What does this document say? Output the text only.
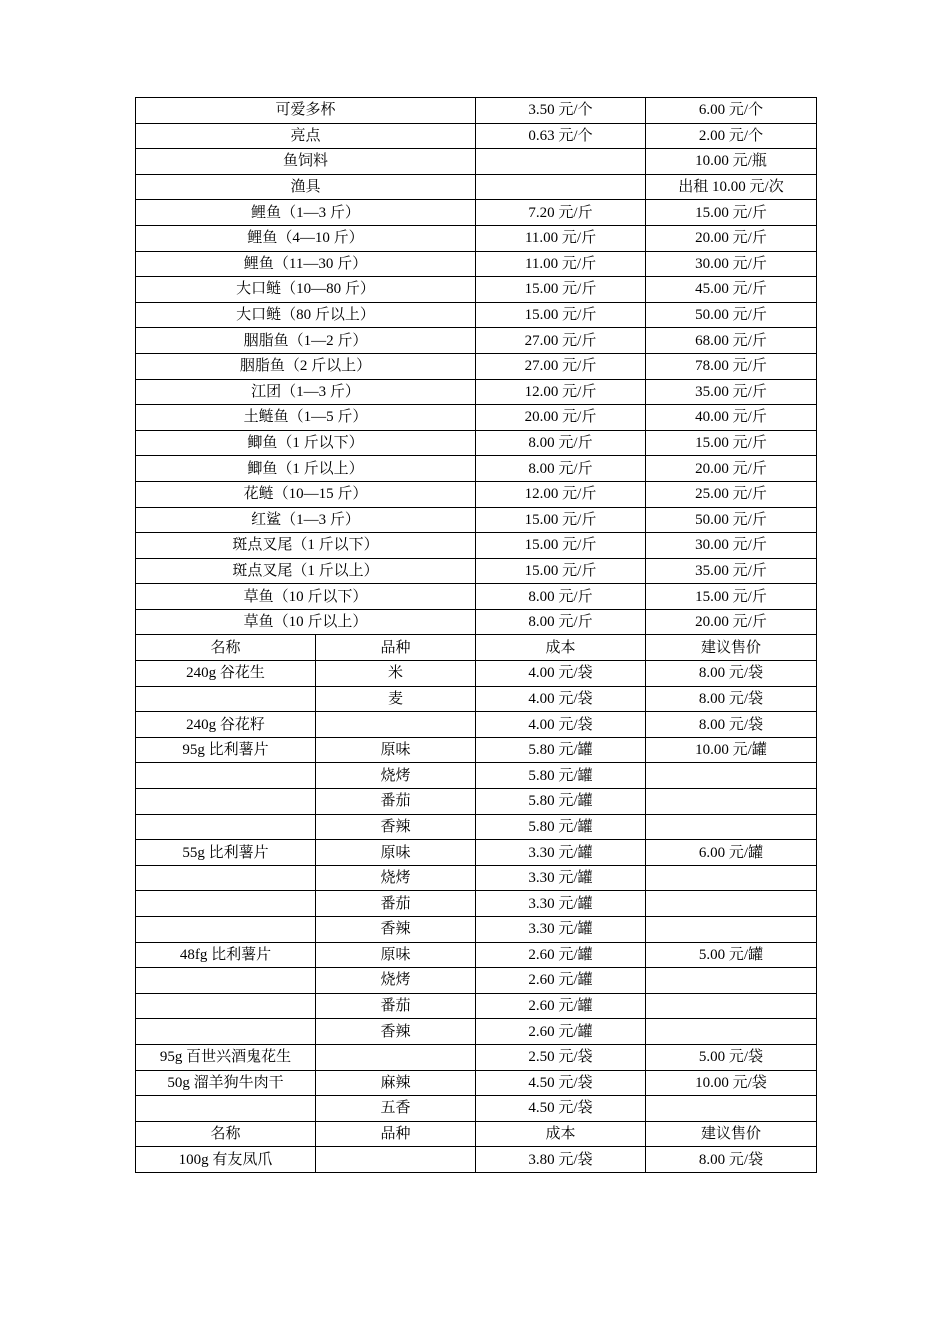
可爱多杯		3.50 元/个	6.00 元/个
亮点		0.63 元/个	2.00 元/个
鱼饲料			10.00 元/瓶
渔具			出租 10.00 元/次
鲤鱼（1—3 斤）		7.20 元/斤	15.00 元/斤
鲤鱼（4—10 斤）		11.00 元/斤	20.00 元/斤
鲤鱼（11—30 斤）		11.00 元/斤	30.00 元/斤
大口鲢（10—80 斤）		15.00 元/斤	45.00 元/斤
大口鲢（80 斤以上）		15.00 元/斤	50.00 元/斤
胭脂鱼（1—2 斤）		27.00 元/斤	68.00 元/斤
胭脂鱼（2 斤以上）		27.00 元/斤	78.00 元/斤
江团（1—3 斤）		12.00 元/斤	35.00 元/斤
土鲢鱼（1—5 斤）		20.00 元/斤	40.00 元/斤
鲫鱼（1 斤以下）		8.00 元/斤	15.00 元/斤
鲫鱼（1 斤以上）		8.00 元/斤	20.00 元/斤
花鲢（10—15 斤）		12.00 元/斤	25.00 元/斤
红鲨（1—3 斤）		15.00 元/斤	50.00 元/斤
斑点叉尾（1 斤以下）		15.00 元/斤	30.00 元/斤
斑点叉尾（1 斤以上）		15.00 元/斤	35.00 元/斤
草鱼（10 斤以下）		8.00 元/斤	15.00 元/斤
草鱼（10 斤以上）		8.00 元/斤	20.00 元/斤
名称	品种	成本	建议售价
240g 谷花生	米	4.00 元/袋	8.00 元/袋
	麦	4.00 元/袋	8.00 元/袋
240g 谷花籽		4.00 元/袋	8.00 元/袋
95g 比利薯片	原味	5.80 元/罐	10.00 元/罐
	烧烤	5.80 元/罐	
	番茄	5.80 元/罐	
	香辣	5.80 元/罐	
55g 比利薯片	原味	3.30 元/罐	6.00 元/罐
	烧烤	3.30 元/罐	
	番茄	3.30 元/罐	
	香辣	3.30 元/罐	
48fg 比利薯片	原味	2.60 元/罐	5.00 元/罐
	烧烤	2.60 元/罐	
	番茄	2.60 元/罐	
	香辣	2.60 元/罐	
95g 百世兴酒鬼花生		2.50 元/袋	5.00 元/袋
50g 溜羊狗牛肉干	麻辣	4.50 元/袋	10.00 元/袋
	五香	4.50 元/袋	
名称	品种	成本	建议售价
100g 有友凤爪		3.80 元/袋	8.00 元/袋
